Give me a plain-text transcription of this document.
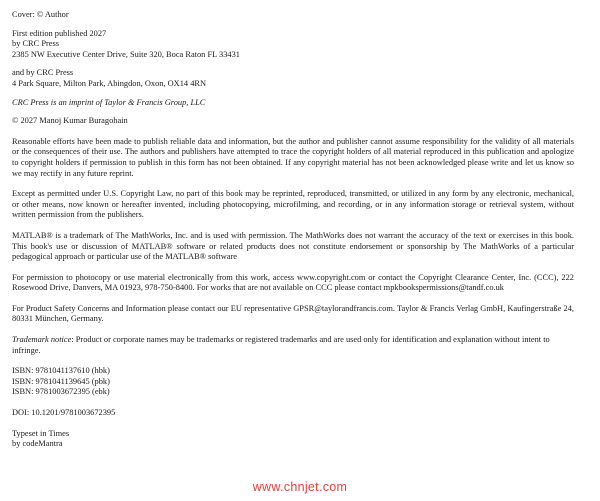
Cover: © Author

First edition published 2027
by CRC Press
2385 NW Executive Center Drive, Suite 320, Boca Raton FL 33431
and by CRC Press
4 Park Square, Milton Park, Abingdon, Oxon, OX14 4RN

CRC Press is an imprint of Taylor & Francis Group, LLC

© 2027 Manoj Kumar Buragohain

Reasonable efforts have been made to publish reliable data and information, but the author and publisher cannot assume responsibility for the validity of all materials or the consequences of their use. The authors and publishers have attempted to trace the copyright holders of all material reproduced in this publication and apologize to copyright holders if permission to publish in this form has not been obtained. If any copyright material has not been acknowledged please write and let us know so we may rectify in any future reprint.

Except as permitted under U.S. Copyright Law, no part of this book may be reprinted, reproduced, transmitted, or utilized in any form by any electronic, mechanical, or other means, now known or hereafter invented, including photocopying, microfilming, and recording, or in any information storage or retrieval system, without written permission from the publishers.

MATLAB® is a trademark of The MathWorks, Inc. and is used with permission. The MathWorks does not warrant the accuracy of the text or exercises in this book. This book's use or discussion of MATLAB® software or related products does not constitute endorsement or sponsorship by The MathWorks of a particular pedagogical approach or particular use of the MATLAB® software

For permission to photocopy or use material electronically from this work, access www.copyright.com or contact the Copyright Clearance Center, Inc. (CCC), 222 Rosewood Drive, Danvers, MA 01923, 978-750-8400. For works that are not available on CCC please contact mpkbookspermissions@tandf.co.uk

For Product Safety Concerns and Information please contact our EU representative GPSR@taylorandfrancis.com. Taylor & Francis Verlag GmbH, Kaufingerstraße 24, 80331 München, Germany.

Trademark notice: Product or corporate names may be trademarks or registered trademarks and are used only for identification and explanation without intent to infringe.

ISBN: 9781041137610 (hbk)
ISBN: 9781041139645 (pbk)
ISBN: 9781003672395 (ebk)

DOI: 10.1201/9781003672395

Typeset in Times
by codeMantra
www.chnjet.com
